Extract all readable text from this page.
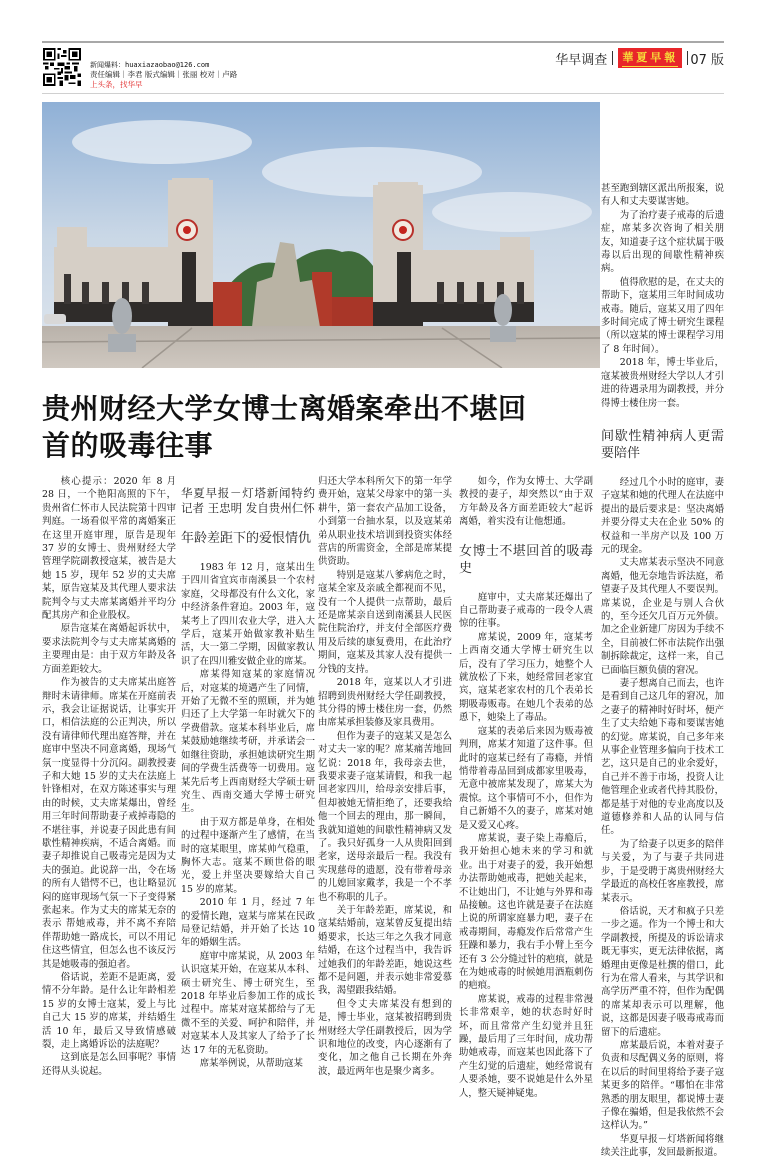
新闻爆料：huaxiazaobao@126.com
责任编辑｜李君 版式编辑｜张丽 校对｜卢路
上头条，找华早
华早调查	華夏早報 07 版
贵州财经大学女博士离婚案牵出不堪回
首的吸毒往事

核心提示：2020 年 8 月 28 日，一个艳阳高照的下午，贵州省仁怀市人民法院第十四审判庭。一场看似平常的离婚案正在这里开庭审理，原告是现年 37 岁的女博士、贵州财经大学管理学院副教授寇某，被告是大她 15 岁，现年 52 岁的丈夫席某，原告寇某及其代理人要求法院判令与丈夫席某离婚并平均分配其房产和企业股权。

原告寇某在离婚起诉状中，要求法院判令与丈夫席某离婚的主要理由是：由于双方年龄及各方面差距较大。

作为被告的丈夫席某出庭答辩时未请律师。席某在开庭前表示，我会让证据说话，让事实开口，相信法庭的公正判决，所以没有请律师代理出庭答辩，并在庭审中坚决不同意离婚，现场气氛一度显得十分沉闷。副教授妻子和大她 15 岁的丈夫在法庭上针锋相对，在双方陈述事实与理由的时候，丈夫席某爆出，曾经用三年时间帮助妻子戒掉毒隐的不堪往事，并说妻子因此患有间歇性精神疾病，不适合离婚。而妻子却推说自己吸毒完是因为丈夫的强迫。此说辞一出，令在场的所有人错愕不已，也让略显沉闷的庭审现场气氛一下子变得紧张起来。作为丈夫的席某无奈的表示 帮她戒毒，并不离不弃陪伴帮助她一路成长，可以不用记住这些情宜，但怎么也不该反污其是她吸毒的强迫者。

俗话说，差距不是距离，爱情不分年龄。是什么让年龄相差 15 岁的女博士寇某，爱上与比自己大 15 岁的席某，并结婚生活 10 年，最后又导致情感破裂，走上离婚诉讼的法庭呢？

这到底是怎么回事呢？事情还得从头说起。

华夏早报－灯塔新闻特约记者 王忠明 发自贵州仁怀
年龄差距下的爱恨情仇

1983 年 12 月，寇某出生于四川省宜宾市南溪县一个农村家庭，父母都没有什么文化，家中经济条件窘迫。2003 年，寇某考上了四川农业大学，进入大学后，寇某开始做家教补贴生活，大一第二学期，因做家教认识了在四川雅安做企业的席某。

席某得知寇某的家庭情况后，对寇某的境遇产生了同情，开始了无微不至的照顾，并为她归还了上大学第一年时就欠下的学费借款。寇某本科毕业后，席某鼓励她继续考研，并承诺会一如继往资助，承担她读研究生期间的学费生活费等一切费用。寇某先后考上西南财经大学硕士研究生、西南交通大学博士研究生。

由于双方都是单身，在相处的过程中逐渐产生了感情，在当时的寇某眼里，席某帅气稳重，胸怀大志。寇某不顾世俗的眼光，爱上并坚决要嫁给大自己 15 岁的席某。

2010 年 1 月，经过 7 年的爱情长跑，寇某与席某在民政局登记结婚，并开始了长达 10 年的婚姻生活。

庭审中席某说，从 2003 年认识寇某开始，在寇某从本科、硕士研究生、博士研究生，至 2018 年毕业后参加工作的成长过程中。席某对寇某都给与了无微不至的关爱、呵护和陪伴，并对寇某本人及其家人了给予了长达 17 年的无私资助。

席某举例说，从帮助寇某

归还大学本科所欠下的第一年学费开始，寇某父母家中的第一头耕牛，第一套农产品加工设备，小到第一台抽水泵，以及寇某弟弟从职业技术培训到投资实体经营店的所需资金，全部是席某提供资助。

特别是寇某八爹病危之时，寇某全家及亲戚全都视而不见，没有一个人提供一点帮助，最后还是席某亲自送到南溪县人民医院住院治疗，并支付全部医疗费用及后续的康复费用，在此治疗期间，寇某及其家人没有提供一分钱的支持。

2018 年，寇某以人才引进招聘到贵州财经大学任副教授，其分得的博士楼住房一套，仍然由席某承担装修及家具费用。

但作为妻子的寇某又是怎么对丈夫一家的呢？席某痛苦地回忆说：2018 年，我母亲去世，我要求妻子寇某请假，和我一起回老家四川，给母亲安排后事，但却被她无情拒绝了，还要我给他一个回去的理由，那一瞬间，我就知道她的间歇性精神病又发了。我只好孤身一人从贵阳回到老家，送母亲最后一程。我没有实现慈母的遗愿，没有带着母亲的儿媳回家戴孝，我是一个不孝也不称职的儿子。

关于年龄差距，席某说，和寇某结婚前，寇某曾反复提出结婚要求，长达三年之久我才同意结婚，在这个过程当中，我告诉过她我们的年龄差距，她说这些都不是问题，并表示她非常爱慕我，渴望跟我结婚。

但令丈夫席某没有想到的是，博士毕业，寇某被招聘到贵州财经大学任副教授后，因为学识和地位的改变，内心逐渐有了变化，加之他自己长期在外奔波，最近两年也是聚少离多。

如今，作为女博士、大学副教授的妻子，却突然以“由于双方年龄及各方面差距较大”起诉离婚，着实没有让他想通。

女博士不堪回首的吸毒史

庭审中，丈夫席某还爆出了自己帮助妻子戒毒的一段令人震惊的往事。

席某说，2009 年，寇某考上西南交通大学博士研究生以后，没有了学习压力，她整个人就放松了下来，她经常回老家宜宾，寇某老家农村的几个表弟长期吸毒贩毒。在她几个表弟的怂恿下，她染上了毒品。

寇某的表弟后来因为贩毒被判刑，席某才知道了这件事。但此时的寇某已经有了毒瘾，并悄悄带着毒品回到成都家里吸毒，无意中被席某发现了，席某大为震惊。这个事情可不小，但作为自己新婚不久的妻子，席某对她是又爱又心疼。

席某说，妻子染上毒瘾后，我开始担心她未来的学习和就业。出于对妻子的爱，我开始想办法帮助她戒毒，把她关起来，不让她出门，不让她与外界和毒品接触。这也许就是妻子在法庭上说的所谓家庭暴力吧，妻子在戒毒期间，毒瘾发作后常常产生狂躁和暴力，我右手小臂上至今还有 3 公分缝过针的疤痕，就是在为她戒毒的时候她用酒瓶刺伤的疤痕。

席某说，戒毒的过程非常漫长非常艰辛，她的状态时好时坏，而且常常产生幻觉并且狂躁，最后用了三年时间，成功帮助她戒毒，而寇某也因此落下了产生幻觉的后遗症，她经常说有人要杀她，要不说她是什么外星人，整天疑神疑鬼。

甚至跑到辖区派出所报案，说有人和丈夫要谋害她。

为了治疗妻子戒毒的后遗症，席某多次咨询了相关朋友，知道妻子这个症状属于吸毒以后出现的间歇性精神疾病。

值得欣慰的是，在丈夫的帮助下，寇某用三年时间成功戒毒。随后，寇某又用了四年多时间完成了博士研究生课程（所以寇某的博士课程学习用了 8 年时间）。

2018 年，博士毕业后，寇某被贵州财经大学以人才引进的待遇录用为副教授，并分得博士楼住房一套。

间歇性精神病人更需要陪伴

经过几个小时的庭审，妻子寇某和她的代理人在法庭中提出的最后要求是：坚决离婚并要分得丈夫在企业 50% 的权益和一半房产以及 100 万元的现金。

丈夫席某表示坚决不同意离婚，他无奈地告诉法庭，希望妻子及其代理人不要误判。席某说，企业是与别人合伙的，至今还欠几百万元外债。加之企业新建厂房因为手续不全，目前被仁怀市法院作出强制拆除裁定，这样一来，自己已面临巨额负债的窘况。

妻子想离自己而去，也许是看到自己这几年的窘况，加之妻子的精神时好时坏，便产生了丈夫给她下毒和要谋害她的幻觉。席某说，自己多年来从事企业管理多偏向于技术工艺，这只是自己的业余爱好，自己并不善于市场，投资人让他管理企业或者代持其股份，都是基于对他的专业高度以及道德修养和人品的认同与信任。

为了给妻子以更多的陪伴与关爱，为了与妻子共同进步，于是受聘于离贵州财经大学最近的高校任客座教授，席某表示。

俗话说，天才和疯子只差一步之遥。作为一个博士和大学副教授，所提及的诉讼请求既无事实，更无法律依据，离婚理由更像是杜撰的借口，此行为在常人看来，与其学识和高学历严重不符，但作为配偶的席某却表示可以理解，他说，这都是因妻子吸毒戒毒而留下的后遗症。

席某最后说，本着对妻子负责和尽配偶义务的原则，将在以后的时间里将给予妻子寇某更多的陪伴。“哪怕在非常熟悉的朋友眼里，都说博士妻子像在骗婚，但是我依然不会这样认为。”

华夏早报－灯塔新闻将继续关注此事，发回最新报道。
